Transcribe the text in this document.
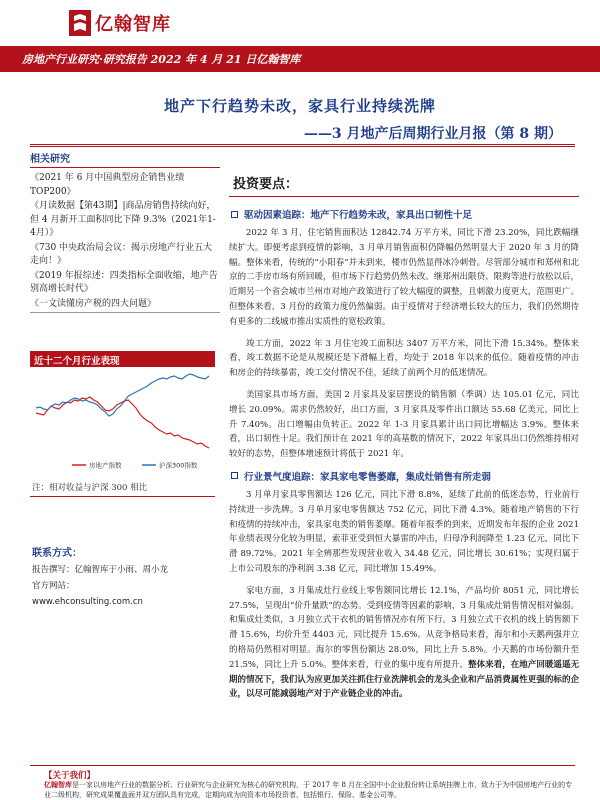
亿翰智库
房地产行业研究·研究报告 2022 年 4 月 21 日亿翰智库
地产下行趋势未改，家具行业持续洗牌
——3 月地产后周期行业月报（第 8 期）
相关研究
《2021 年 6 月中国典型房企销售业绩 TOP200》
《月读数据【第43期】|商品房销售持续向好，但 4 月新开工面积同比下降 9.3%（2021年1-4月）》
《730 中央政治局会议：揭示房地产行业五大走向！》
《2019 年报综述：四类指标全面收缩，地产告别高增长时代》
《一文读懂房产税的四大问题》
近十二个月行业表现
房地产指数	沪深300指数
注：相对收益与沪深 300 相比
联系方式：
报告撰写：亿翰智库于小雨、周小龙
官方网站：
www.ehconsulting.com.cn
投资要点：
驱动因素追踪：地产下行趋势未改，家具出口韧性十足

2022 年 3 月，住宅销售面积达 12842.74 万平方米，同比下滑 23.20%，同比跌幅继续扩大。即便考虑到疫情的影响，3 月单月销售面积仍降幅仍然明显大于 2020 年 3 月的降幅。整体来看，传统的“小阳春”并未到来，楼市仍然显得冰冷刺骨。尽管部分城市和郑州和北京的二手房市场有所回暖，但市场下行趋势仍然未改。继郑州出限贷、限购等进行放松以后，近期另一个省会城市兰州市对地产政策进行了较大幅度的调整，且刺激力度更大，范围更广。但整体来看，3 月份的政策力度仍然偏弱。由于疫情对于经济增长较大的压力，我们仍然期待有更多的二线城市推出实质性的宽松政策。

竣工方面，2022 年 3 月住宅竣工面积达 3407 万平方米，同比下滑 15.34%。整体来看，竣工数据不论是从规模还是下滑幅上看，均处于 2018 年以来的低位。随着疫情的冲击和房企的持续暴雷，竣工交付情况不佳，延续了前两个月的低迷情况。

美国家具市场方面，美国 2 月家具及家居摆设的销售额（季调）达 105.01 亿元，同比增长 20.09%。需求仍然较好，出口方面，3 月家具及零件出口额达 55.68 亿美元，同比上升 7.40%。出口增幅由负转正。2022 年 1-3 月家具累计出口同比增幅达 3.9%。整体来看，出口韧性十足。我们预计在 2021 年的高基数的情况下，2022 年家具出口仍然维持相对较好的态势，但整体增速预计将低于 2021 年。

行业景气度追踪：家具家电零售萎靡，集成灶销售有所走弱

3 月单月家具零售额达 126 亿元，同比下滑 8.8%，延续了此前的低迷态势，行业前行持续进一步洗牌。3 月单月家电零售额达 752 亿元，同比下滑 4.3%。随着地产销售的下行和疫情的持续冲击，家具家电类的销售萎靡。随着年报季的到来，近期发布年报的企业 2021 年业绩表现分化较为明显，索菲亚受到恒大暴雷的冲击，归母净利润降至 1.23 亿元，同比下滑 89.72%。2021 年全辨那些发现营业收入 34.48 亿元，同比增长 30.61%；实现归属于上市公司股东的净利润 3.38 亿元，同比增加 15.49%。

家电方面，3 月集成灶行业线上零售额同比增长 12.1%，产品均价 8051 元，同比增长 27.5%，呈现出“价升量跌”的态势。受到疫情等因素的影响，3 月集成灶销售情况相对偏弱。和集成灶类似，3 月独立式干衣机的销售情况亦有所下行。3 月独立式干衣机的线上销售额下滑 15.6%，均价升至 4403 元，同比提升 15.6%。从竞争格局来看，海尔和小天鹅两强并立的格局仍然相对明显。海尔的零售份额达 28.0%，同比上升 5.8%。小天鹅的市场份额升至 21.5%，同比上升 5.0%。整体来看，行业的集中度有所提升。整体来看，在地产回暖遥遥无期的情况下，我们认为应更加关注抓住行业洗牌机会的龙头企业和产品消费属性更强的标的企业，以尽可能减弱地产对于产业链企业的冲击。

【关于我们】
亿翰智库是一家以房地产行业的数据分析、行业研究与企业研究为核心的研究机构，于 2017 年 8 月在全国中小企业股份转让系统挂牌上市，致力于为中国房地产行业的专业二级机构，研究成果覆盖面并双方团队具有完成，定期向成为向资本市场投资者，包括银行、保险、基金公司等。
